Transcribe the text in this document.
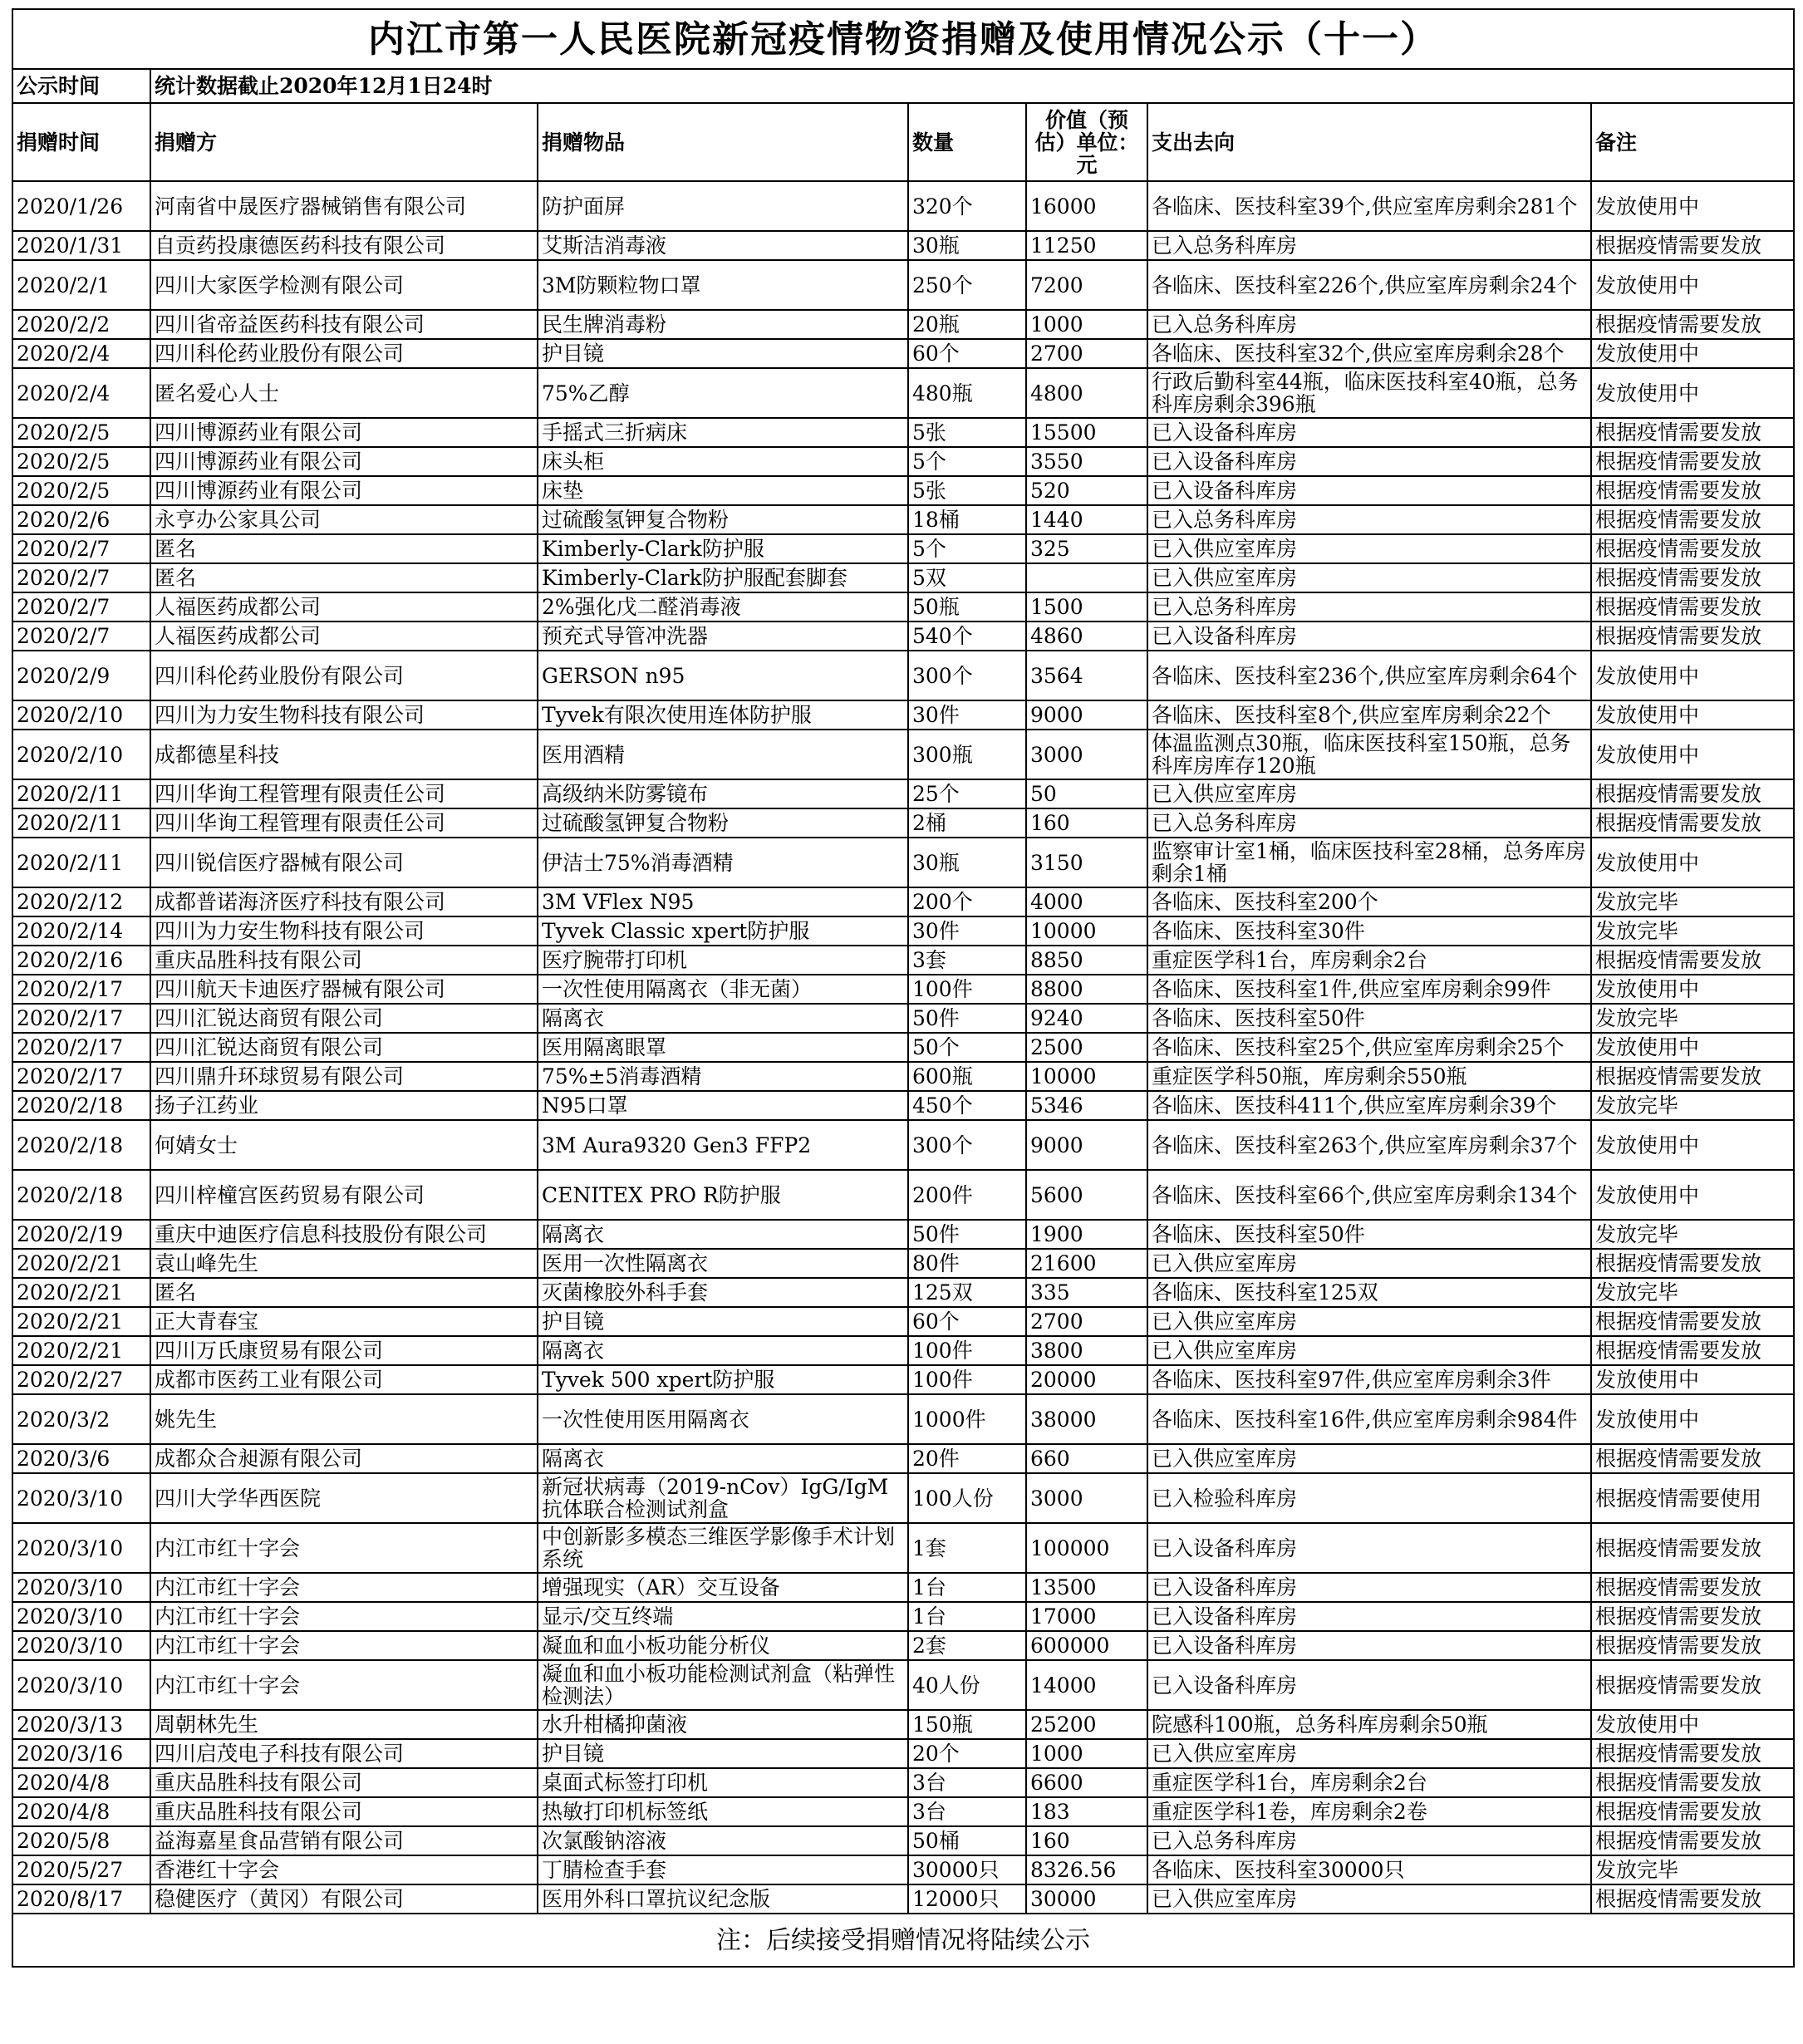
内江市第一人民医院新冠疫情物资捐赠及使用情况公示（十一）						
公示时间	统计数据截止2020年12月1日24时					
捐赠时间	捐赠方	捐赠物品	数量	价值（预估）单位：元	支出去向	备注
2020/1/26	河南省中晟医疗器械销售有限公司	防护面屏	320个	16000	各临床、医技科室39个,供应室库房剩余281个	发放使用中
2020/1/31	自贡药投康德医药科技有限公司	艾斯洁消毒液	30瓶	11250	已入总务科库房	根据疫情需要发放
2020/2/1	四川大家医学检测有限公司	3M防颗粒物口罩	250个	7200	各临床、医技科室226个,供应室库房剩余24个	发放使用中
2020/2/2	四川省帝益医药科技有限公司	民生牌消毒粉	20瓶	1000	已入总务科库房	根据疫情需要发放
2020/2/4	四川科伦药业股份有限公司	护目镜	60个	2700	各临床、医技科室32个,供应室库房剩余28个	发放使用中
2020/2/4	匿名爱心人士	75%乙醇	480瓶	4800	行政后勤科室44瓶，临床医技科室40瓶，总务科库房剩余396瓶	发放使用中
2020/2/5	四川博源药业有限公司	手摇式三折病床	5张	15500	已入设备科库房	根据疫情需要发放
2020/2/5	四川博源药业有限公司	床头柜	5个	3550	已入设备科库房	根据疫情需要发放
2020/2/5	四川博源药业有限公司	床垫	5张	520	已入设备科库房	根据疫情需要发放
2020/2/6	永亨办公家具公司	过硫酸氢钾复合物粉	18桶	1440	已入总务科库房	根据疫情需要发放
2020/2/7	匿名	Kimberly-Clark防护服	5个	325	已入供应室库房	根据疫情需要发放
2020/2/7	匿名	Kimberly-Clark防护服配套脚套	5双		已入供应室库房	根据疫情需要发放
2020/2/7	人福医药成都公司	2%强化戊二醛消毒液	50瓶	1500	已入总务科库房	根据疫情需要发放
2020/2/7	人福医药成都公司	预充式导管冲洗器	540个	4860	已入设备科库房	根据疫情需要发放
2020/2/9	四川科伦药业股份有限公司	GERSON n95	300个	3564	各临床、医技科室236个,供应室库房剩余64个	发放使用中
2020/2/10	四川为力安生物科技有限公司	Tyvek有限次使用连体防护服	30件	9000	各临床、医技科室8个,供应室库房剩余22个	发放使用中
2020/2/10	成都德星科技	医用酒精	300瓶	3000	体温监测点30瓶，临床医技科室150瓶，总务科库房库存120瓶	发放使用中
2020/2/11	四川华询工程管理有限责任公司	高级纳米防雾镜布	25个	50	已入供应室库房	根据疫情需要发放
2020/2/11	四川华询工程管理有限责任公司	过硫酸氢钾复合物粉	2桶	160	已入总务科库房	根据疫情需要发放
2020/2/11	四川锐信医疗器械有限公司	伊洁士75%消毒酒精	30瓶	3150	监察审计室1桶，临床医技科室28桶，总务库房剩余1桶	发放使用中
2020/2/12	成都普诺海济医疗科技有限公司	3M VFlex N95	200个	4000	各临床、医技科室200个	发放完毕
2020/2/14	四川为力安生物科技有限公司	Tyvek Classic xpert防护服	30件	10000	各临床、医技科室30件	发放完毕
2020/2/16	重庆品胜科技有限公司	医疗腕带打印机	3套	8850	重症医学科1台，库房剩余2台	根据疫情需要发放
2020/2/17	四川航天卡迪医疗器械有限公司	一次性使用隔离衣（非无菌）	100件	8800	各临床、医技科室1件,供应室库房剩余99件	发放使用中
2020/2/17	四川汇锐达商贸有限公司	隔离衣	50件	9240	各临床、医技科室50件	发放完毕
2020/2/17	四川汇锐达商贸有限公司	医用隔离眼罩	50个	2500	各临床、医技科室25个,供应室库房剩余25个	发放使用中
2020/2/17	四川鼎升环球贸易有限公司	75%±5消毒酒精	600瓶	10000	重症医学科50瓶，库房剩余550瓶	根据疫情需要发放
2020/2/18	扬子江药业	N95口罩	450个	5346	各临床、医技科411个,供应室库房剩余39个	发放完毕
2020/2/18	何婧女士	3M Aura9320 Gen3 FFP2	300个	9000	各临床、医技科室263个,供应室库房剩余37个	发放使用中
2020/2/18	四川梓橦宫医药贸易有限公司	CENITEX PRO R防护服	200件	5600	各临床、医技科室66个,供应室库房剩余134个	发放使用中
2020/2/19	重庆中迪医疗信息科技股份有限公司	隔离衣	50件	1900	各临床、医技科室50件	发放完毕
2020/2/21	袁山峰先生	医用一次性隔离衣	80件	21600	已入供应室库房	根据疫情需要发放
2020/2/21	匿名	灭菌橡胶外科手套	125双	335	各临床、医技科室125双	发放完毕
2020/2/21	正大青春宝	护目镜	60个	2700	已入供应室库房	根据疫情需要发放
2020/2/21	四川万氏康贸易有限公司	隔离衣	100件	3800	已入供应室库房	根据疫情需要发放
2020/2/27	成都市医药工业有限公司	Tyvek 500 xpert防护服	100件	20000	各临床、医技科室97件,供应室库房剩余3件	发放使用中
2020/3/2	姚先生	一次性使用医用隔离衣	1000件	38000	各临床、医技科室16件,供应室库房剩余984件	发放使用中
2020/3/6	成都众合昶源有限公司	隔离衣	20件	660	已入供应室库房	根据疫情需要发放
2020/3/10	四川大学华西医院	新冠状病毒（2019-nCov）IgG/IgM抗体联合检测试剂盒	100人份	3000	已入检验科库房	根据疫情需要使用
2020/3/10	内江市红十字会	中创新影多模态三维医学影像手术计划系统	1套	100000	已入设备科库房	根据疫情需要发放
2020/3/10	内江市红十字会	增强现实（AR）交互设备	1台	13500	已入设备科库房	根据疫情需要发放
2020/3/10	内江市红十字会	显示/交互终端	1台	17000	已入设备科库房	根据疫情需要发放
2020/3/10	内江市红十字会	凝血和血小板功能分析仪	2套	600000	已入设备科库房	根据疫情需要发放
2020/3/10	内江市红十字会	凝血和血小板功能检测试剂盒（粘弹性检测法）	40人份	14000	已入设备科库房	根据疫情需要发放
2020/3/13	周朝林先生	水升柑橘抑菌液	150瓶	25200	院感科100瓶，总务科库房剩余50瓶	发放使用中
2020/3/16	四川启茂电子科技有限公司	护目镜	20个	1000	已入供应室库房	根据疫情需要发放
2020/4/8	重庆品胜科技有限公司	桌面式标签打印机	3台	6600	重症医学科1台，库房剩余2台	根据疫情需要发放
2020/4/8	重庆品胜科技有限公司	热敏打印机标签纸	3台	183	重症医学科1卷，库房剩余2卷	根据疫情需要发放
2020/5/8	益海嘉星食品营销有限公司	次氯酸钠溶液	50桶	160	已入总务科库房	根据疫情需要发放
2020/5/27	香港红十字会	丁腈检查手套	30000只	8326.56	各临床、医技科室30000只	发放完毕
2020/8/17	稳健医疗（黄冈）有限公司	医用外科口罩抗议纪念版	12000只	30000	已入供应室库房	根据疫情需要发放
注：后续接受捐赠情况将陆续公示						
